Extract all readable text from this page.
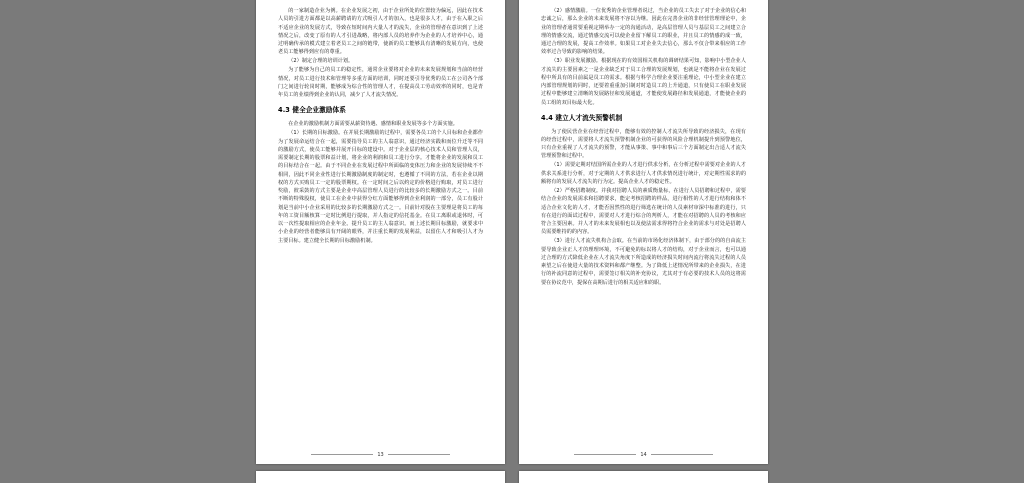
的一家制造企业为例。在企业发展之初，由于企业所处的位置较为偏远，因此在技术人员的引进方面都是以高薪聘请的方式吸引人才的加入，也是很多人才，由于在入职之后不适应企业的发展方式，导致在短时间内大量人才的流失，企业的管理者在意识到了上述情况之后，改变了原有的人才引进战略，将内部人员的培养作为企业的人才培养中心，通过明确传承的模式建立着老员工之间的链带，使新的员工能够具有清晰的发展方向，也使老员工能够得到应有的尊重。

（2）制定合理的培训计划。

为了能够为自己的员工的稳定性，通常企业要将对企业的未来发展规划和当前的经营情况，对员工进行技术和管理等多重方面的培训，同时还要引导优秀的员工在公司各个部门之间进行轮岗时期，能够成为综合性的管理人才，在提高员工劳动效率的同时，也是青年员工的业绩得到企业的认同，减少了人才流失情况。

4.3 健全企业激励体系

在企业的激励机制方面需要从薪资待遇、感情和职业发展等多个方面实施。

（1）长期的目标激励。在并展长期激励的过程中，需要各员工的个人目标和企业都作为了发展命运结合在一起，需要指导员工的主人翁意识，通过经济实践和而位升迁等不同的激励方式，使员工能够并展开目标的建设中。对于企业层的核心技术人员和管理人员，需要制定长期的股票和益计划，将企业的利润和员工进行分享。才能将企业的发展和员工的目标结合在一起。由于不同企业在发展过程中所面临的变体压力和企业的发展待续不不相同，因此不同企业性进行长期激励制度的制定时，也遵循了不同的方法，若在企业以期权的方式买购员工一定的股票期权。在一定时间之后以约定的价格进行购取，对员工进行奖励，彼采鼓的方式主要是企业中高层管理人员进行的比较多的长期激励方式之一。目前不断的特殊股权，使员工在企业中获得分红方面能够得到企业利润的一部分，员工有股计划是当前中小企业采用的比较多的长期激励方式之一。目前针对股在主要理是将员工的每年的工资目额核算一定时比例进行提取，并人指定的信托基金。在员工离职或退休时，可以一次性提取相应的企业年金。提升员工的主人翁意识。而上述长期目标激励，就要求中小企业的经营者能够具有开阔的眼界，并注重长期的发展利益，以留住人才和吸引人才为主要目标。建立健全长期的目标激励机制。

13

（2）感情激励。一位优秀的企业管理者说过，当企业的员工失去了对于企业的信心和忠诚之后，那么企业的未来发展将不容以为继。因此在完善企业的非经营管理理论中，企业的管理者通常要重视定期举办一定的沟通活动，是高层管理人员与基层员工之间建立合理的情感交流，通过情感交流可以使企业留下解员工的职业，并且员工的情感的成一致，通过合理的发展，提高工作效率。如果员工对企业失去信心，那么不仅合带来相应的工作效率过合导致的影响的结果。

（3）职业发展激励。根据现在的有效国相关机构的调研结果可知，影响中小型企业人才流失的主要因素之一是企业缺乏对于员工合理的发展规划，也就是不能将企业在发展过程中所具有的目前属是员工的需求。根据与科学合理企业要注重理论，中小型企业在建立内部管理规划的同时，还要着重重加引制对时造员工的上升通道，只有使员工在职业发展过程中能够建立清晰的发展路径和发展通道，才能使发展路径和发展通道，才能使企业的员工组的双目标最大化。

4.4 建立人才流失预警机制

为了使民营企业在经营过程中，能够有效的控制人才流失所导致的经济损失，在现有的经营过程中，需要将人才流失预警机制企业的可获得的风险合理机制提升到预警地位，只有企业重视了人才流失的预警，才能从事策、事中和事后三个方面制定出合适人才流失管理预警和过程中。

（1）需要定期对结国所需企业的人才进行供求分析，在分析过程中需要对企业的人才供求关系进行分析，对于定期的人才供求进行人才供求情况进行统计，对定期性需求的的额将有的发展人才流失的行为定。提高企业人才的稳定性。

（2）严格招聘制度。并我对招聘人员的素质衡量标，在进行人员招聘和过程中，需要结合企业的发展需求和招聘要求，能定考核招聘的样品，进行相性的人才进行结构和体不适合企业文化的人才，才能否因然性的进行筛选在统计的人员素材审深中标准的进行，只有在进行的面试过程中，需要对人才进行综合的判析人，才能在对招聘的人员的考核和应符合主要因素。并人才的未来发展相也以及使法需求得将符合企业的需求与对处是招聘人员需要维持的的内容。

（3）进行人才流失机构合会取。在当前的市场化经济体制下，由于部分的的自由流主要导致企业正人才的理理环境，不可避免的标以将人才的结构，对于企业而言，也可以通过合理的方式降低企业在人才流失角度下所造成的经济损失时间内流行将流失过程的人员素望之后在使进大量的技术资料和都产继整。为了降低上述情况所带来的企业损失，在进行的补流同意的过程中，需要签订相关的补充协议，尤其对于有必要的技术人员的这将需要在协议范中，提保在高期后进行的相关适应和的职。

14
